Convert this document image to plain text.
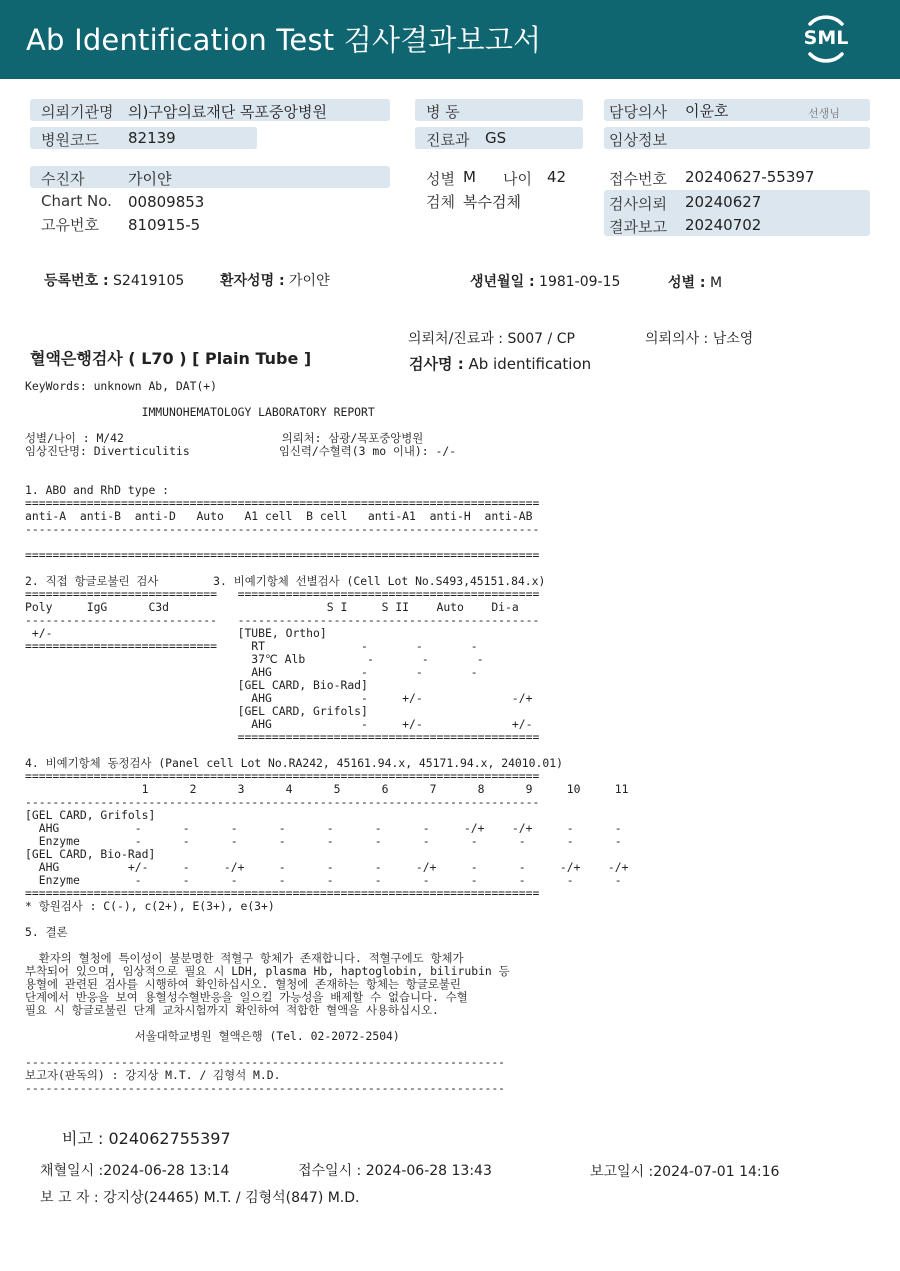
Ab Identification Test 검사결과보고서	SML
의뢰기관명 의)구암의료재단 목포중앙병원
병원코드 82139
병 동
진료과 GS
담당의사 이윤호	선생님
임상정보
수진자	가이얀
Chart No. 00809853
고유번호 810915-5
성별 M 나이 42
검체 복수검체
접수번호 20240627-55397
검사의뢰 20240627
결과보고 20240702
등록번호 : S2419105	환자성명 : 가이얀	생년월일 : 1981-09-15	성별 : M
의뢰처/진료과 : S007 / CP	의뢰의사 : 남소영
혈액은행검사 ( L70 ) [ Plain Tube ]	검사명 : Ab identification
KeyWords: unknown Ab, DAT(+)
IMMUNOHEMATOLOGY LABORATORY REPORT
성별/나이 : M/42                       의뢰처: 삼광/목포중앙병원
임상진단명: Diverticulitis             임신력/수혈력(3 mo 이내): -/-
1. ABO and RhD type :
===========================================================================
anti-A  anti-B  anti-D   Auto   A1 cell  B cell   anti-A1  anti-H  anti-AB
---------------------------------------------------------------------------
===========================================================================
2. 직접 항글로불린 검사        3. 비예기항체 선별검사 (Cell Lot No.S493,45151.84.x)
============================   ============================================
Poly     IgG      C3d                       S I     S II    Auto    Di-a
----------------------------   --------------------------------------------
+/-                           [TUBE, Ortho]
============================     RT              -       -       -
37℃ Alb         -       -       -
AHG             -       -       -
[GEL CARD, Bio-Rad]
AHG             -     +/-             -/+
[GEL CARD, Grifols]
AHG             -     +/-             +/-
============================================
4. 비예기항체 동정검사 (Panel cell Lot No.RA242, 45161.94.x, 45171.94.x, 24010.01)
===========================================================================
1      2      3      4      5      6      7      8      9     10     11
---------------------------------------------------------------------------
[GEL CARD, Grifols]
AHG           -      -      -      -      -      -      -     -/+    -/+     -      -
Enzyme        -      -      -      -      -      -      -      -      -      -      -
[GEL CARD, Bio-Rad]
AHG          +/-     -     -/+     -      -      -     -/+     -      -     -/+    -/+
Enzyme        -      -      -      -      -      -      -      -      -      -      -
===========================================================================
* 항원검사 : C(-), c(2+), E(3+), e(3+)
5. 결론
환자의 혈청에 특이성이 불분명한 적혈구 항체가 존재합니다. 적혈구에도 항체가
부착되어 있으며, 임상적으로 필요 시 LDH, plasma Hb, haptoglobin, bilirubin 등
용혈에 관련된 검사를 시행하여 확인하십시오. 혈청에 존재하는 항체는 항글로불린
단계에서 반응을 보여 용혈성수혈반응을 일으킬 가능성을 배제할 수 없습니다. 수혈
필요 시 항글로불린 단계 교차시험까지 확인하여 적합한 혈액을 사용하십시오.
서울대학교병원 혈액은행 (Tel. 02-2072-2504)
----------------------------------------------------------------------
보고자(판독의) : 강지상 M.T. / 김형석 M.D.
----------------------------------------------------------------------
비고 : 024062755397
채혈일시 :2024-06-28 13:14	접수일시 : 2024-06-28 13:43	보고일시 :2024-07-01 14:16
보 고 자 : 강지상(24465) M.T. / 김형석(847) M.D.
